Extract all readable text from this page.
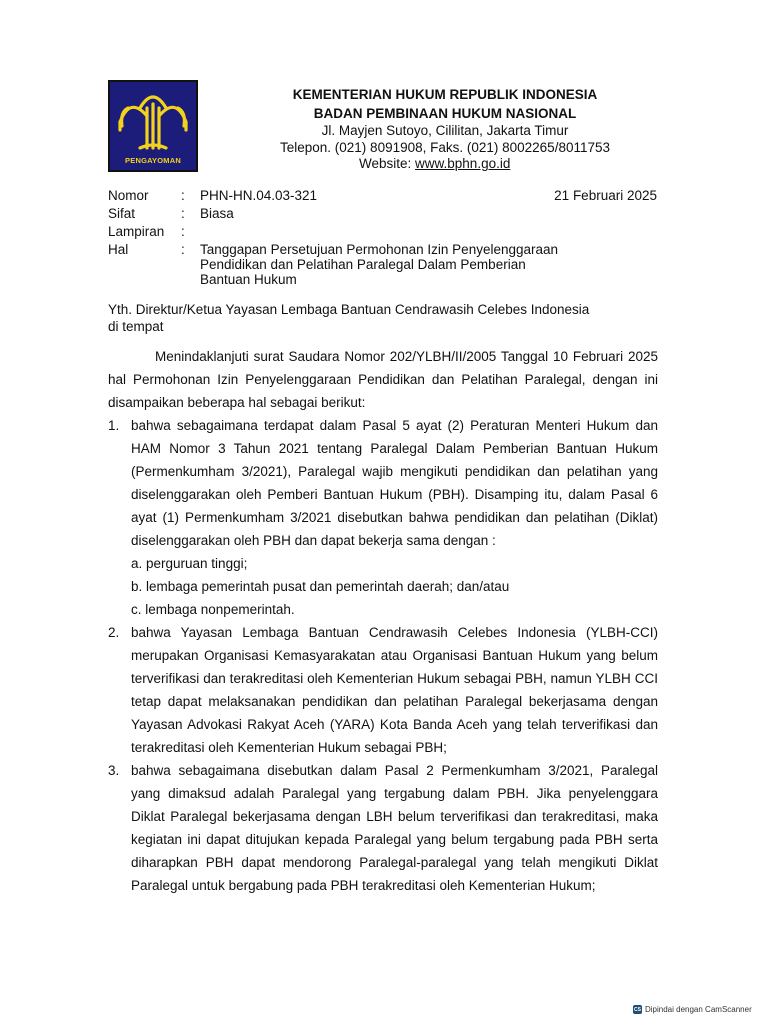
PENGAYOMAN
KEMENTERIAN HUKUM REPUBLIK INDONESIA
BADAN PEMBINAAN HUKUM NASIONAL
Jl. Mayjen Sutoyo, Cililitan, Jakarta Timur
Telepon. (021) 8091908, Faks. (021) 8002265/8011753
Website: www.bphn.go.id
Nomor : PHN-HN.04.03-321	21 Februari 2025
Sifat	: Biasa
Lampiran :
Hal	: Tanggapan Persetujuan Permohonan Izin Penyelenggaraan
Pendidikan dan Pelatihan Paralegal Dalam Pemberian
Bantuan Hukum
Yth. Direktur/Ketua Yayasan Lembaga Bantuan Cendrawasih Celebes Indonesia
di tempat

Menindaklanjuti surat Saudara Nomor 202/YLBH/II/2005 Tanggal 10 Februari 2025 hal Permohonan Izin Penyelenggaraan Pendidikan dan Pelatihan Paralegal, dengan ini disampaikan beberapa hal sebagai berikut:

1. bahwa sebagaimana terdapat dalam Pasal 5 ayat (2) Peraturan Menteri Hukum dan HAM Nomor 3 Tahun 2021 tentang Paralegal Dalam Pemberian Bantuan Hukum (Permenkumham 3/2021), Paralegal wajib mengikuti pendidikan dan pelatihan yang diselenggarakan oleh Pemberi Bantuan Hukum (PBH). Disamping itu, dalam Pasal 6 ayat (1) Permenkumham 3/2021 disebutkan bahwa pendidikan dan pelatihan (Diklat) diselenggarakan oleh PBH dan dapat bekerja sama dengan :
a. perguruan tinggi;
b. lembaga pemerintah pusat dan pemerintah daerah; dan/atau
c. lembaga nonpemerintah.
2. bahwa Yayasan Lembaga Bantuan Cendrawasih Celebes Indonesia (YLBH-CCI) merupakan Organisasi Kemasyarakatan atau Organisasi Bantuan Hukum yang belum terverifikasi dan terakreditasi oleh Kementerian Hukum sebagai PBH, namun YLBH CCI tetap dapat melaksanakan pendidikan dan pelatihan Paralegal bekerjasama dengan Yayasan Advokasi Rakyat Aceh (YARA) Kota Banda Aceh yang telah terverifikasi dan terakreditasi oleh Kementerian Hukum sebagai PBH;
3. bahwa sebagaimana disebutkan dalam Pasal 2 Permenkumham 3/2021, Paralegal yang dimaksud adalah Paralegal yang tergabung dalam PBH. Jika penyelenggara Diklat Paralegal bekerjasama dengan LBH belum terverifikasi dan terakreditasi, maka kegiatan ini dapat ditujukan kepada Paralegal yang belum tergabung pada PBH serta diharapkan PBH dapat mendorong Paralegal-paralegal yang telah mengikuti Diklat Paralegal untuk bergabung pada PBH terakreditasi oleh Kementerian Hukum;
CS Dipindai dengan CamScanner
